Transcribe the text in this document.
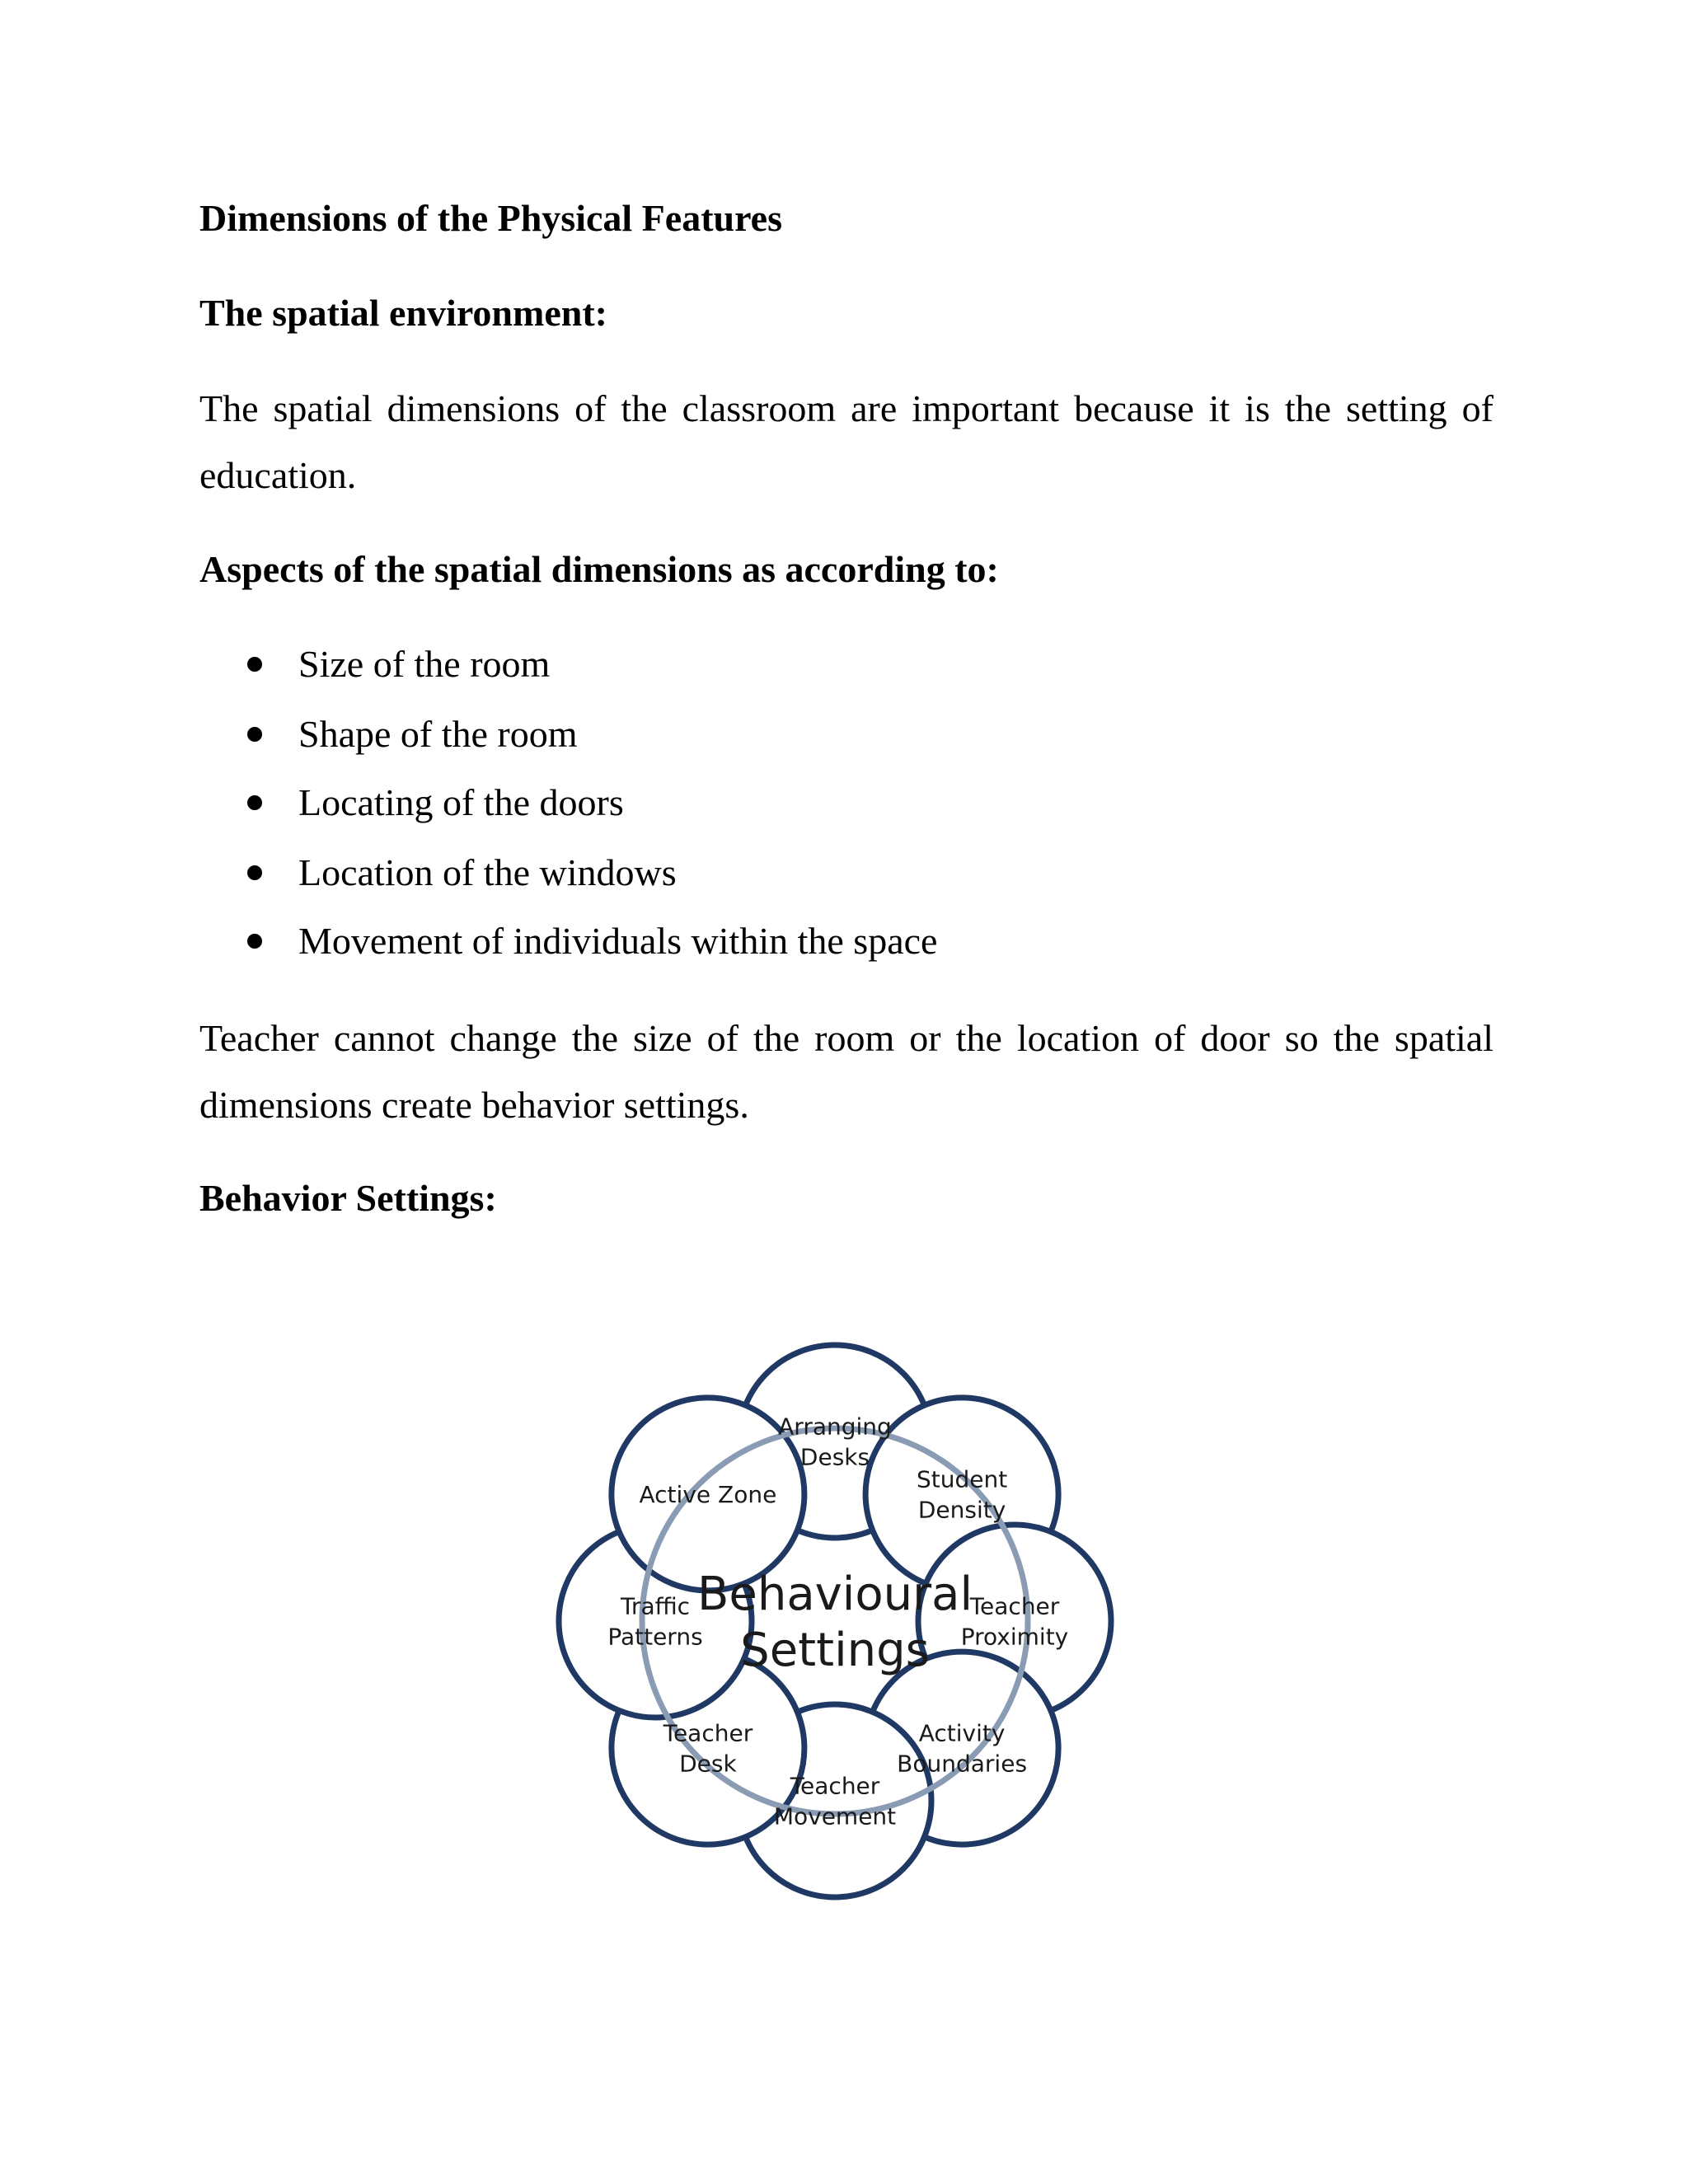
Dimensions of the Physical Features
The spatial environment:

The spatial dimensions of the classroom are important because it is the setting of education.

Aspects of the spatial dimensions as according to:
Size of the room
Shape of the room
Locating of the doors
Location of the windows
Movement of individuals within the space

Teacher cannot change the size of the room or the location of door so the spatial dimensions create behavior settings.

Behavior Settings:
Arranging Desks
Student Density
Teacher Proximity
Activity Boundaries
Teacher Movement
Teacher Desk
Traffic Patterns
Active Zone
Behavioural Settings
